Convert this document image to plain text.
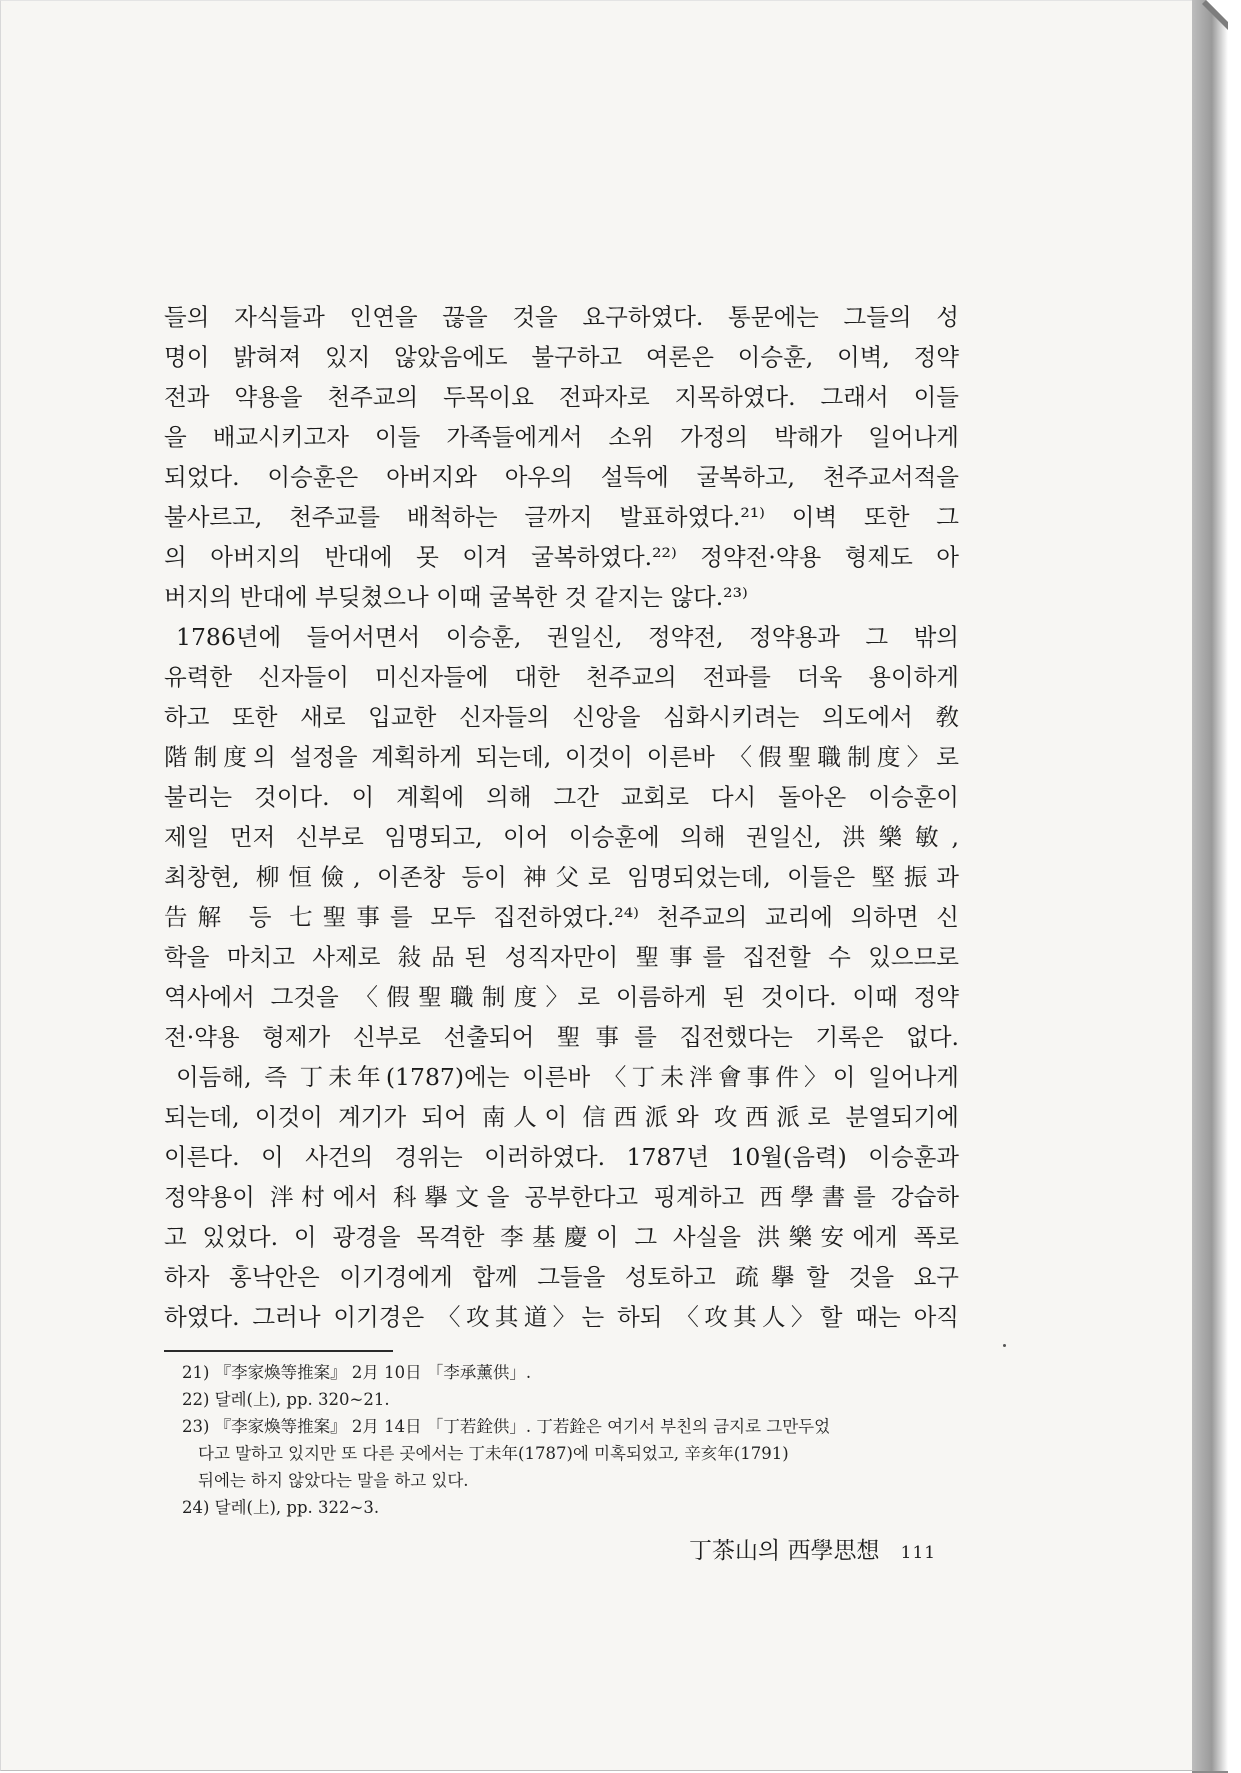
들의 자식들과 인연을 끊을 것을 요구하였다. 통문에는 그들의 성
명이 밝혀져 있지 않았음에도 불구하고 여론은 이승훈, 이벽, 정약
전과 약용을 천주교의 두목이요 전파자로 지목하였다. 그래서 이들
을 배교시키고자 이들 가족들에게서 소위 가정의 박해가 일어나게
되었다. 이승훈은 아버지와 아우의 설득에 굴복하고, 천주교서적을
불사르고, 천주교를 배척하는 글까지 발표하였다.²¹⁾ 이벽 또한 그
의 아버지의 반대에 못 이겨 굴복하였다.²²⁾ 정약전·약용 형제도 아
버지의 반대에 부딪쳤으나 이때 굴복한 것 같지는 않다.²³⁾
1786년에 들어서면서 이승훈, 권일신, 정약전, 정약용과 그 밖의
유력한 신자들이 미신자들에 대한 천주교의 전파를 더욱 용이하게
하고 또한 새로 입교한 신자들의 신앙을 심화시키려는 의도에서 敎
階制度의 설정을 계획하게 되는데, 이것이 이른바 〈假聖職制度〉로
불리는 것이다. 이 계획에 의해 그간 교회로 다시 돌아온 이승훈이
제일 먼저 신부로 임명되고, 이어 이승훈에 의해 권일신, 洪樂敏,
최창현, 柳恒儉, 이존창 등이 神父로 임명되었는데, 이들은 堅振과
告解 등 七聖事를 모두 집전하였다.²⁴⁾ 천주교의 교리에 의하면 신
학을 마치고 사제로 敍品된 성직자만이 聖事를 집전할 수 있으므로
역사에서 그것을 〈假聖職制度〉로 이름하게 된 것이다. 이때 정약
전·약용 형제가 신부로 선출되어 聖事를 집전했다는 기록은 없다.
이듬해, 즉 丁未年(1787)에는 이른바 〈丁未泮會事件〉이 일어나게
되는데, 이것이 계기가 되어 南人이 信西派와 攻西派로 분열되기에
이른다. 이 사건의 경위는 이러하였다. 1787년 10월(음력) 이승훈과
정약용이 泮村에서 科擧文을 공부한다고 핑계하고 西學書를 강습하
고 있었다. 이 광경을 목격한 李基慶이 그 사실을 洪樂安에게 폭로
하자 홍낙안은 이기경에게 합께 그들을 성토하고 疏擧할 것을 요구
하였다. 그러나 이기경은 〈攻其道〉는 하되 〈攻其人〉할 때는 아직
21) 『李家煥等推案』 2月 10日 「李承薰供」.
22) 달레(上), pp. 320~21.
23) 『李家煥等推案』 2月 14日 「丁若銓供」. 丁若銓은 여기서 부친의 금지로 그만두었
다고 말하고 있지만 또 다른 곳에서는 丁未年(1787)에 미혹되었고, 辛亥年(1791)
뒤에는 하지 않았다는 말을 하고 있다.
24) 달레(上), pp. 322~3.
丁茶山의 西學思想 111
